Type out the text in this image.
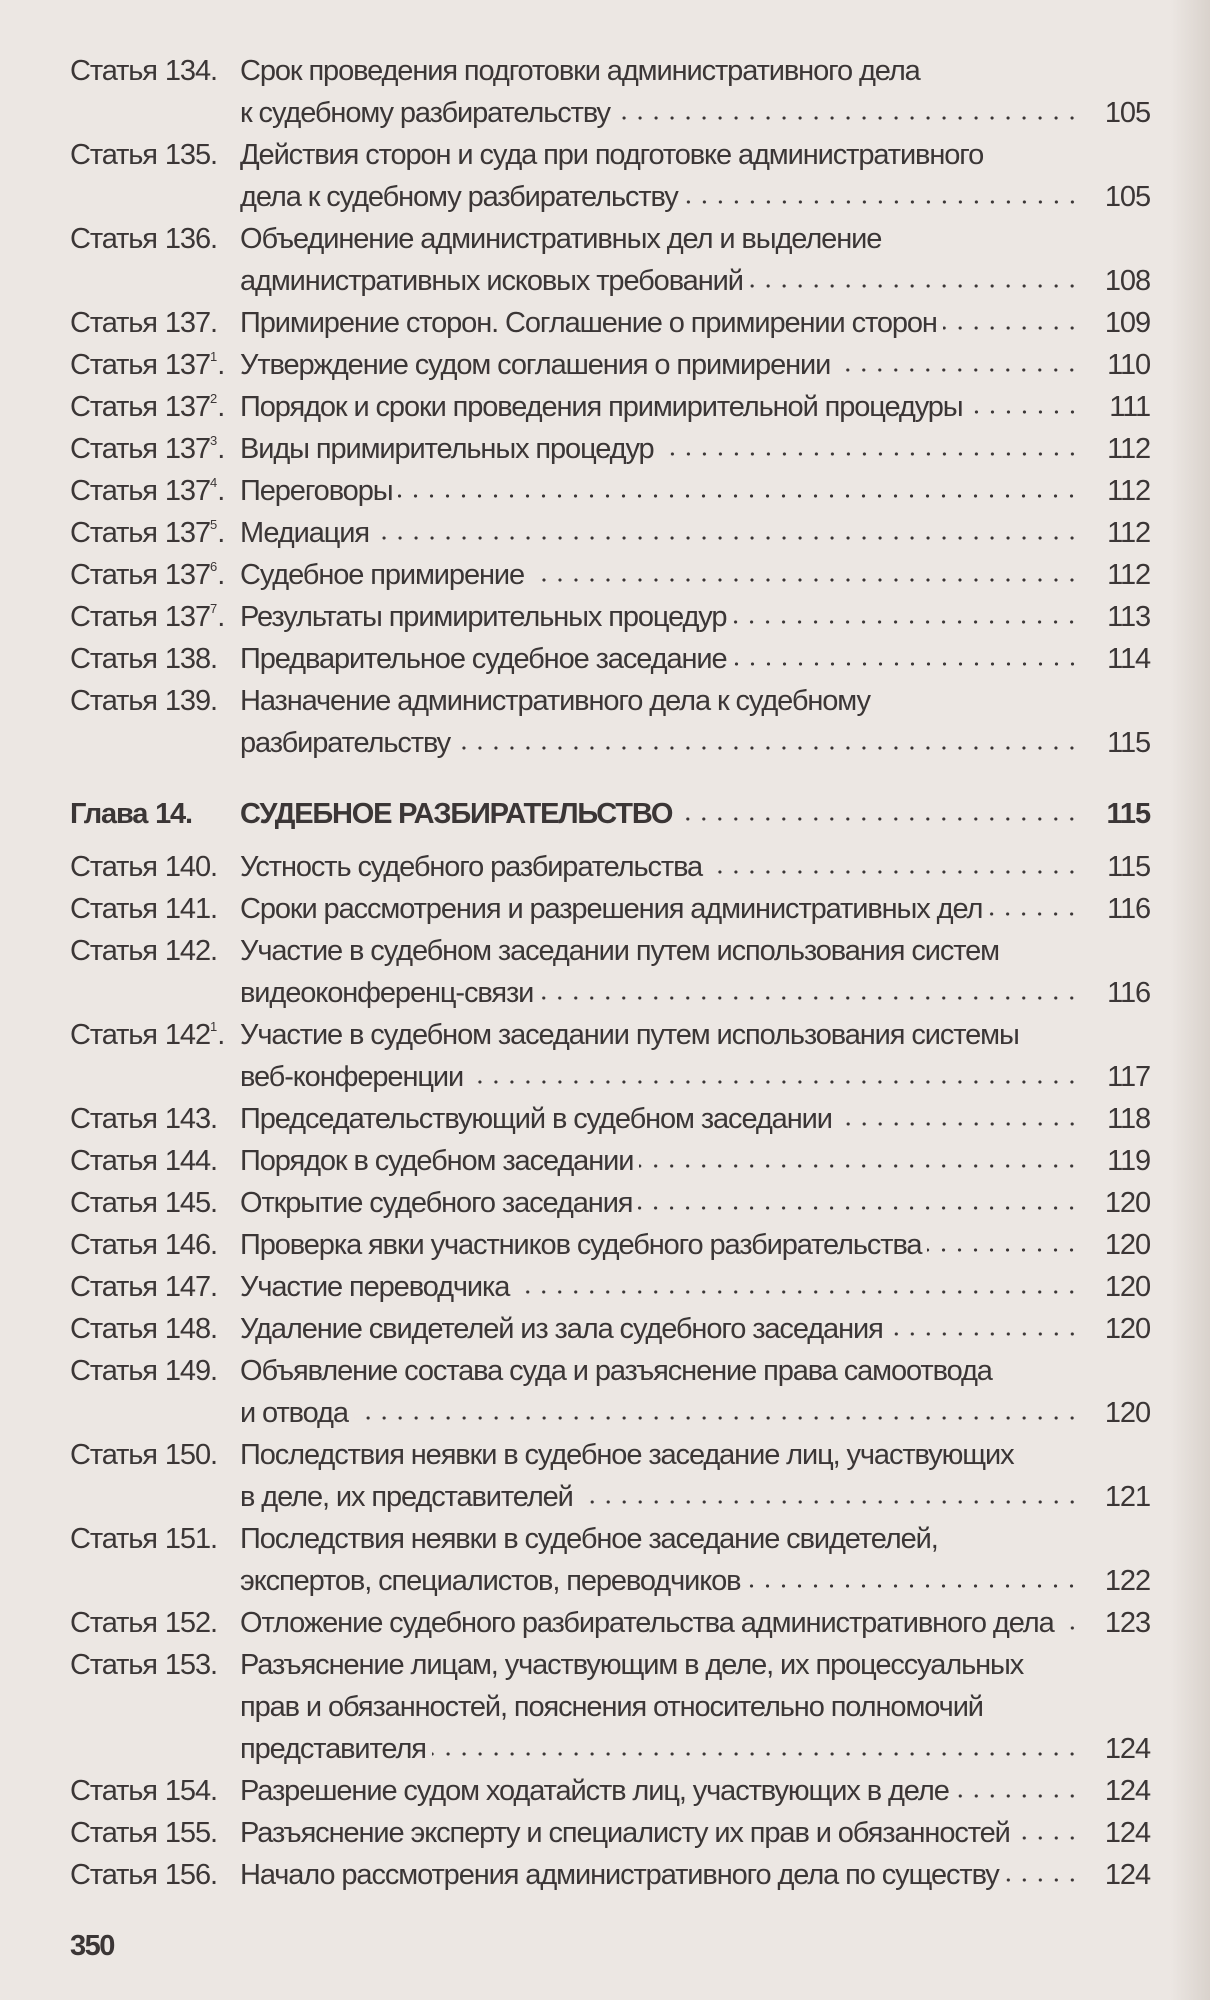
Статья 134. Срок проведения подготовки административного дела
к судебному разбирательству	105
Статья 135. Действия сторон и суда при подготовке административного
дела к судебному разбирательству	105
Статья 136. Объединение административных дел и выделение
административных исковых требований	108
Статья 137. Примирение сторон. Соглашение о примирении сторон	109
Статья $137^1$. Утверждение судом соглашения о примирении	110
Статья $137^2$. Порядок и сроки проведения примирительной процедуры	111
Статья $137^3$. Виды примирительных процедур	112
Статья $137^4$. Переговоры	112
Статья $137^5$. Медиация	112
Статья $137^6$. Судебное примирение	112
Статья $137^7$. Результаты примирительных процедур	113
Статья 138. Предварительное судебное заседание	114
Статья 139. Назначение административного дела к судебному
разбирательству	115
Глава 14.	СУДЕБНОЕ РАЗБИРАТЕЛЬСТВО	115
Статья 140. Устность судебного разбирательства	115
Статья 141. Сроки рассмотрения и разрешения административных дел	116
Статья 142. Участие в судебном заседании путем использования систем
видеоконференц-связи	116
Статья $142^1$. Участие в судебном заседании путем использования системы
веб-конференции	117
Статья 143. Председательствующий в судебном заседании	118
Статья 144. Порядок в судебном заседании	119
Статья 145. Открытие судебного заседания	120
Статья 146. Проверка явки участников судебного разбирательства	120
Статья 147. Участие переводчика	120
Статья 148. Удаление свидетелей из зала судебного заседания	120
Статья 149. Объявление состава суда и разъяснение права самоотвода
и отвода	120
Статья 150. Последствия неявки в судебное заседание лиц, участвующих
в деле, их представителей	121
Статья 151. Последствия неявки в судебное заседание свидетелей,
экспертов, специалистов, переводчиков	122
Статья 152. Отложение судебного разбирательства административного дела	123
Статья 153. Разъяснение лицам, участвующим в деле, их процессуальных
прав и обязанностей, пояснения относительно полномочий
представителя	124
Статья 154. Разрешение судом ходатайств лиц, участвующих в деле	124
Статья 155. Разъяснение эксперту и специалисту их прав и обязанностей	124
Статья 156. Начало рассмотрения административного дела по существу	124
350
